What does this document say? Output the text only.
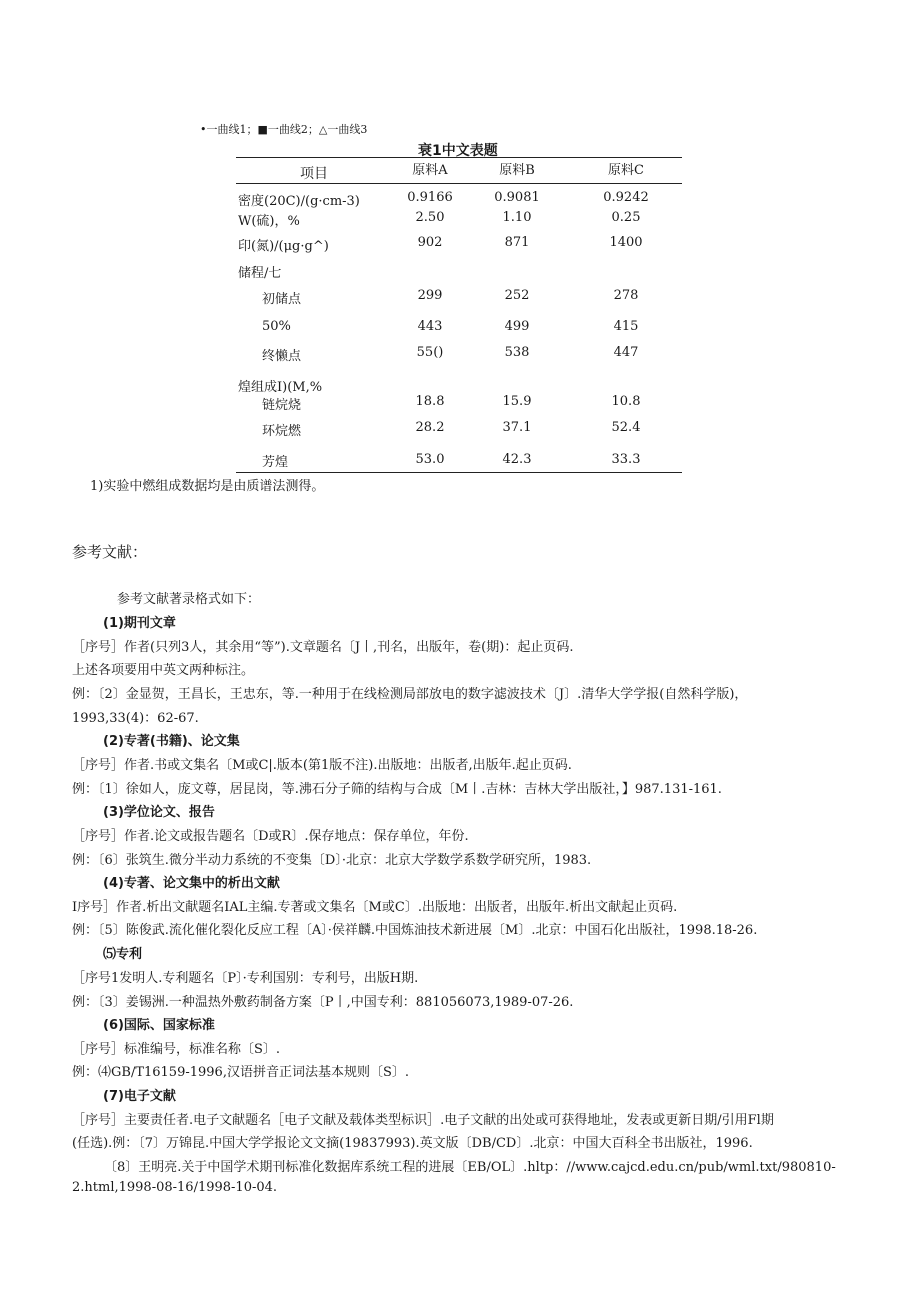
•一曲线1；■一曲线2；△一曲线3
衰1中文表题
项目	原料A	原料B	原料C
密度(20C)/(g·cm-3)	0.9166	0.9081	0.9242
W(硫)，%	2.50	1.10	0.25
印(氮)/(μg·g^)	902	871	1400
储程/七
初储点	299	252	278
50%	443	499	415
终懒点	55()	538	447
煌组成I)(M,%
链烷烧	18.8	15.9	10.8
环烷燃	28.2	37.1	52.4
芳煌	53.0	42.3	33.3
1)实验中燃组成数据均是由质谱法测得。
参考文献：
参考文献著录格式如下：
(1)期刊文章
［序号］作者(只列3人，其余用“等”).文章题名〔J丨,刊名，出版年，卷(期)：起止页码.
上述各项要用中英文两种标注。
例：〔2〕金显贺，王昌长，王忠东，等.一种用于在线检测局部放电的数字滤波技术〔J〕.清华大学学报(自然科学版)，
1993,33(4)：62-67.
(2)专著(书籍)、论文集
［序号］作者.书或文集名〔M或C|.版本(第1版不注).出版地：出版者,出版年.起止页码.
例：〔1〕徐如人，庞文尊，居昆岗，等.沸石分子筛的结构与合成〔M丨.吉林：吉林大学出版社，】987.131-161.
(3)学位论文、报告
［序号］作者.论文或报告题名〔D或R〕.保存地点：保存单位，年份.
例：〔6〕张筑生.微分半动力系统的不变集〔D〕·北京：北京大学数学系数学研究所，1983.
(4)专著、论文集中的析出文献
I序号］作者.析出文献题名IAL主编.专著或文集名〔M或C〕.出版地：出版者，出版年.析出文献起止页码.
例：〔5〕陈俊武.流化催化裂化反应工程〔A〕·侯祥麟.中国炼油技术新进展〔M〕.北京：中国石化出版社，1998.18-26.
⑸专利
［序号1发明人.专利题名〔P〕·专利国别：专利号，出版H期.
例：〔3〕姜锡洲.一种温热外敷药制备方案〔P丨,中国专利：881056073,1989-07-26.
(6)国际、国家标准
［序号］标准编号，标准名称〔S〕.
例：⑷GB/T16159-1996,汉语拼音正词法基本规则〔S〕.
(7)电子文献
［序号］主要责任者.电子文献题名［电子文献及载体类型标识］.电子文献的出处或可获得地址，发表或更新日期/引用Fl期
(任选).例：〔7〕万锦昆.中国大学学报论文文摘(19837993).英文版〔DB/CD〕.北京：中国大百科全书出版社，1996.
〔8〕王明亮.关于中国学术期刊标准化数据库系统工程的进展〔EB/OL〕.hltp：//www.cajcd.edu.cn/pub/wml.txt/980810-
2.html,1998-08-16/1998-10-04.
